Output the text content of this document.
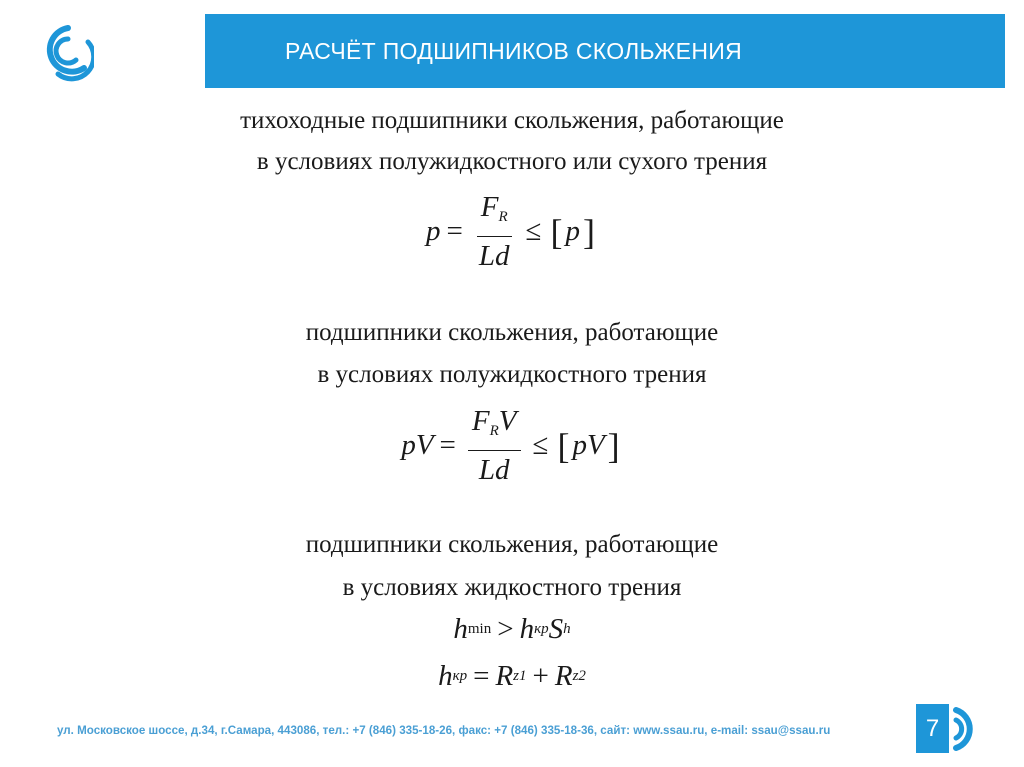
РАСЧЁТ ПОДШИПНИКОВ СКОЛЬЖЕНИЯ
тихоходные подшипники скольжения, работающие
в условиях полужидкостного или сухого трения
$p = \frac{F_R}{Ld}$ ≤ [ p ]
подшипники скольжения, работающие
в условиях полужидкостного трения
pV = $\frac{F_RV}{Ld}$ ≤ [ pV ]
подшипники скольжения, работающие
в условиях жидкостного трения
h min > h кр S h
h кр = R z1 + R z2
ул. Московское шоссе, д.34, г.Самара, 443086, тел.: +7 (846) 335-18-26, факс: +7 (846) 335-18-36, сайт: www.ssau.ru, e-mail: ssau@ssau.ru	7
